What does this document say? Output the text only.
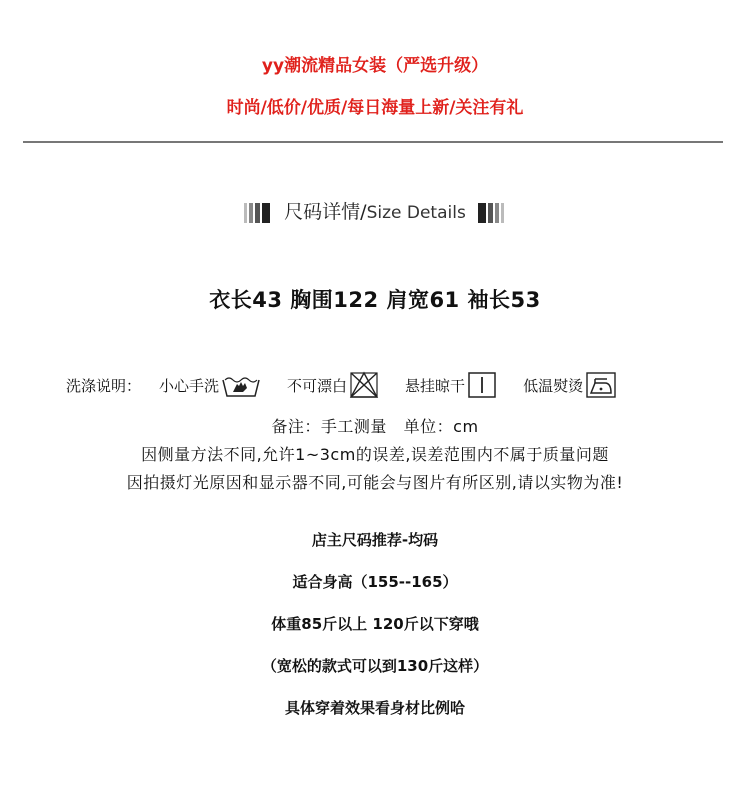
yy潮流精品女装（严选升级）
时尚/低价/优质/每日海量上新/关注有礼
尺码详情/Size Details
衣长43 胸围122 肩宽61 袖长53
洗涤说明： 小心手洗	不可漂白	悬挂晾干	低温熨烫
备注：手工测量   单位：cm
因侧量方法不同,允许1~3cm的误差,误差范围内不属于质量问题
因拍摄灯光原因和显示器不同,可能会与图片有所区别,请以实物为准!
店主尺码推荐-均码
适合身高（155--165）
体重85斤以上 120斤以下穿哦
（宽松的款式可以到130斤这样）
具体穿着效果看身材比例哈
